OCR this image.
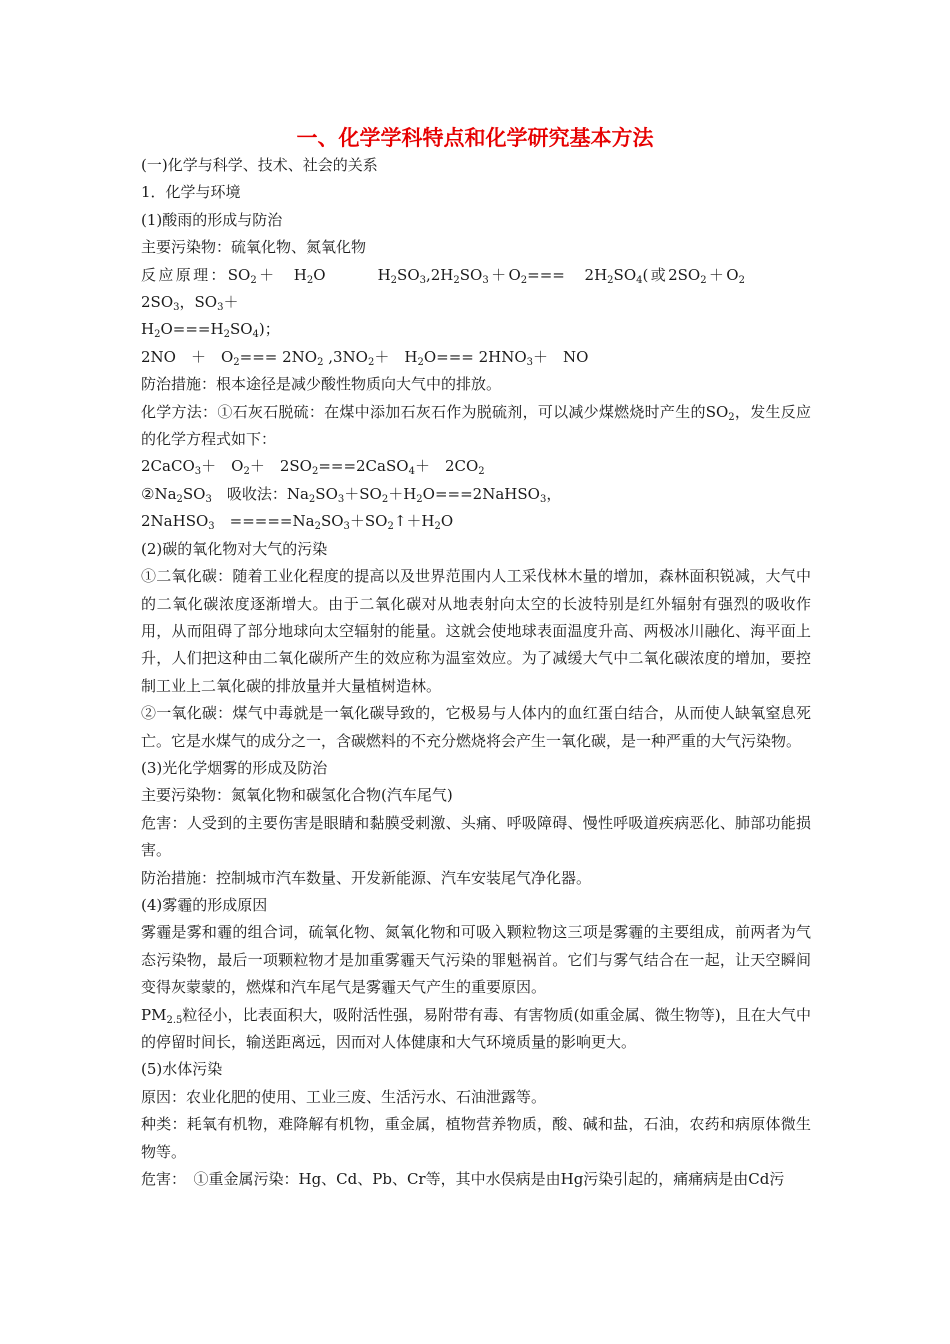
一、化学学科特点和化学研究基本方法

(一)化学与科学、技术、社会的关系

1．化学与环境

(1)酸雨的形成与防治

主要污染物：硫氧化物、氮氧化物

反应原理：$SO_2+$　$H_2O$	$H_2SO_3,2H_2SO_3+O_2===$　$2H_2SO_4$(或$2SO_2+O_22SO_3$，$SO_3+$

$H_2O===H_2SO_4$)；

2NO　＋　$O_2=== 2NO_2$ $,3NO_2+$　$H_2O=== 2HNO_3+$　NO

防治措施：根本途径是减少酸性物质向大气中的排放。

化学方法：①石灰石脱硫：在煤中添加石灰石作为脱硫剂，可以减少煤燃烧时产生的$SO_2$，发生反应的化学方程式如下：

2CaCO$_3$＋　$O_2+$　$2SO_2===2CaSO_4+$　$2CO_2$

$②Na_2SO_3$　吸收法：$Na_2SO_3+SO_2+H_2O===2NaHSO_3$，

2NaHSO$_3$　$=====Na_2SO_3+SO_2↑+H_2O$

(2)碳的氧化物对大气的污染

①二氧化碳：随着工业化程度的提高以及世界范围内人工采伐林木量的增加，森林面积锐减，大气中的二氧化碳浓度逐渐增大。由于二氧化碳对从地表射向太空的长波特别是红外辐射有强烈的吸收作用，从而阻碍了部分地球向太空辐射的能量。这就会使地球表面温度升高、两极冰川融化、海平面上升，人们把这种由二氧化碳所产生的效应称为温室效应。为了减缓大气中二氧化碳浓度的增加，要控制工业上二氧化碳的排放量并大量植树造林。

②一氧化碳：煤气中毒就是一氧化碳导致的，它极易与人体内的血红蛋白结合，从而使人缺氧窒息死亡。它是水煤气的成分之一，含碳燃料的不充分燃烧将会产生一氧化碳，是一种严重的大气污染物。

(3)光化学烟雾的形成及防治

主要污染物：氮氧化物和碳氢化合物(汽车尾气)

危害：人受到的主要伤害是眼睛和黏膜受刺激、头痛、呼吸障碍、慢性呼吸道疾病恶化、肺部功能损害。

防治措施：控制城市汽车数量、开发新能源、汽车安装尾气净化器。

(4)雾霾的形成原因

雾霾是雾和霾的组合词，硫氧化物、氮氧化物和可吸入颗粒物这三项是雾霾的主要组成，前两者为气态污染物，最后一项颗粒物才是加重雾霾天气污染的罪魁祸首。它们与雾气结合在一起，让天空瞬间变得灰蒙蒙的，燃煤和汽车尾气是雾霾天气产生的重要原因。

$PM_{2.5}$粒径小，比表面积大，吸附活性强，易附带有毒、有害物质(如重金属、微生物等)，且在大气中的停留时间长，输送距离远，因而对人体健康和大气环境质量的影响更大。

(5)水体污染

原因：农业化肥的使用、工业三废、生活污水、石油泄露等。

种类：耗氧有机物，难降解有机物，重金属，植物营养物质，酸、碱和盐，石油，农药和病原体微生物等。

危害：　①重金属污染：Hg、Cd、Pb、Cr等，其中水俣病是由Hg污染引起的，痛痛病是由Cd污
